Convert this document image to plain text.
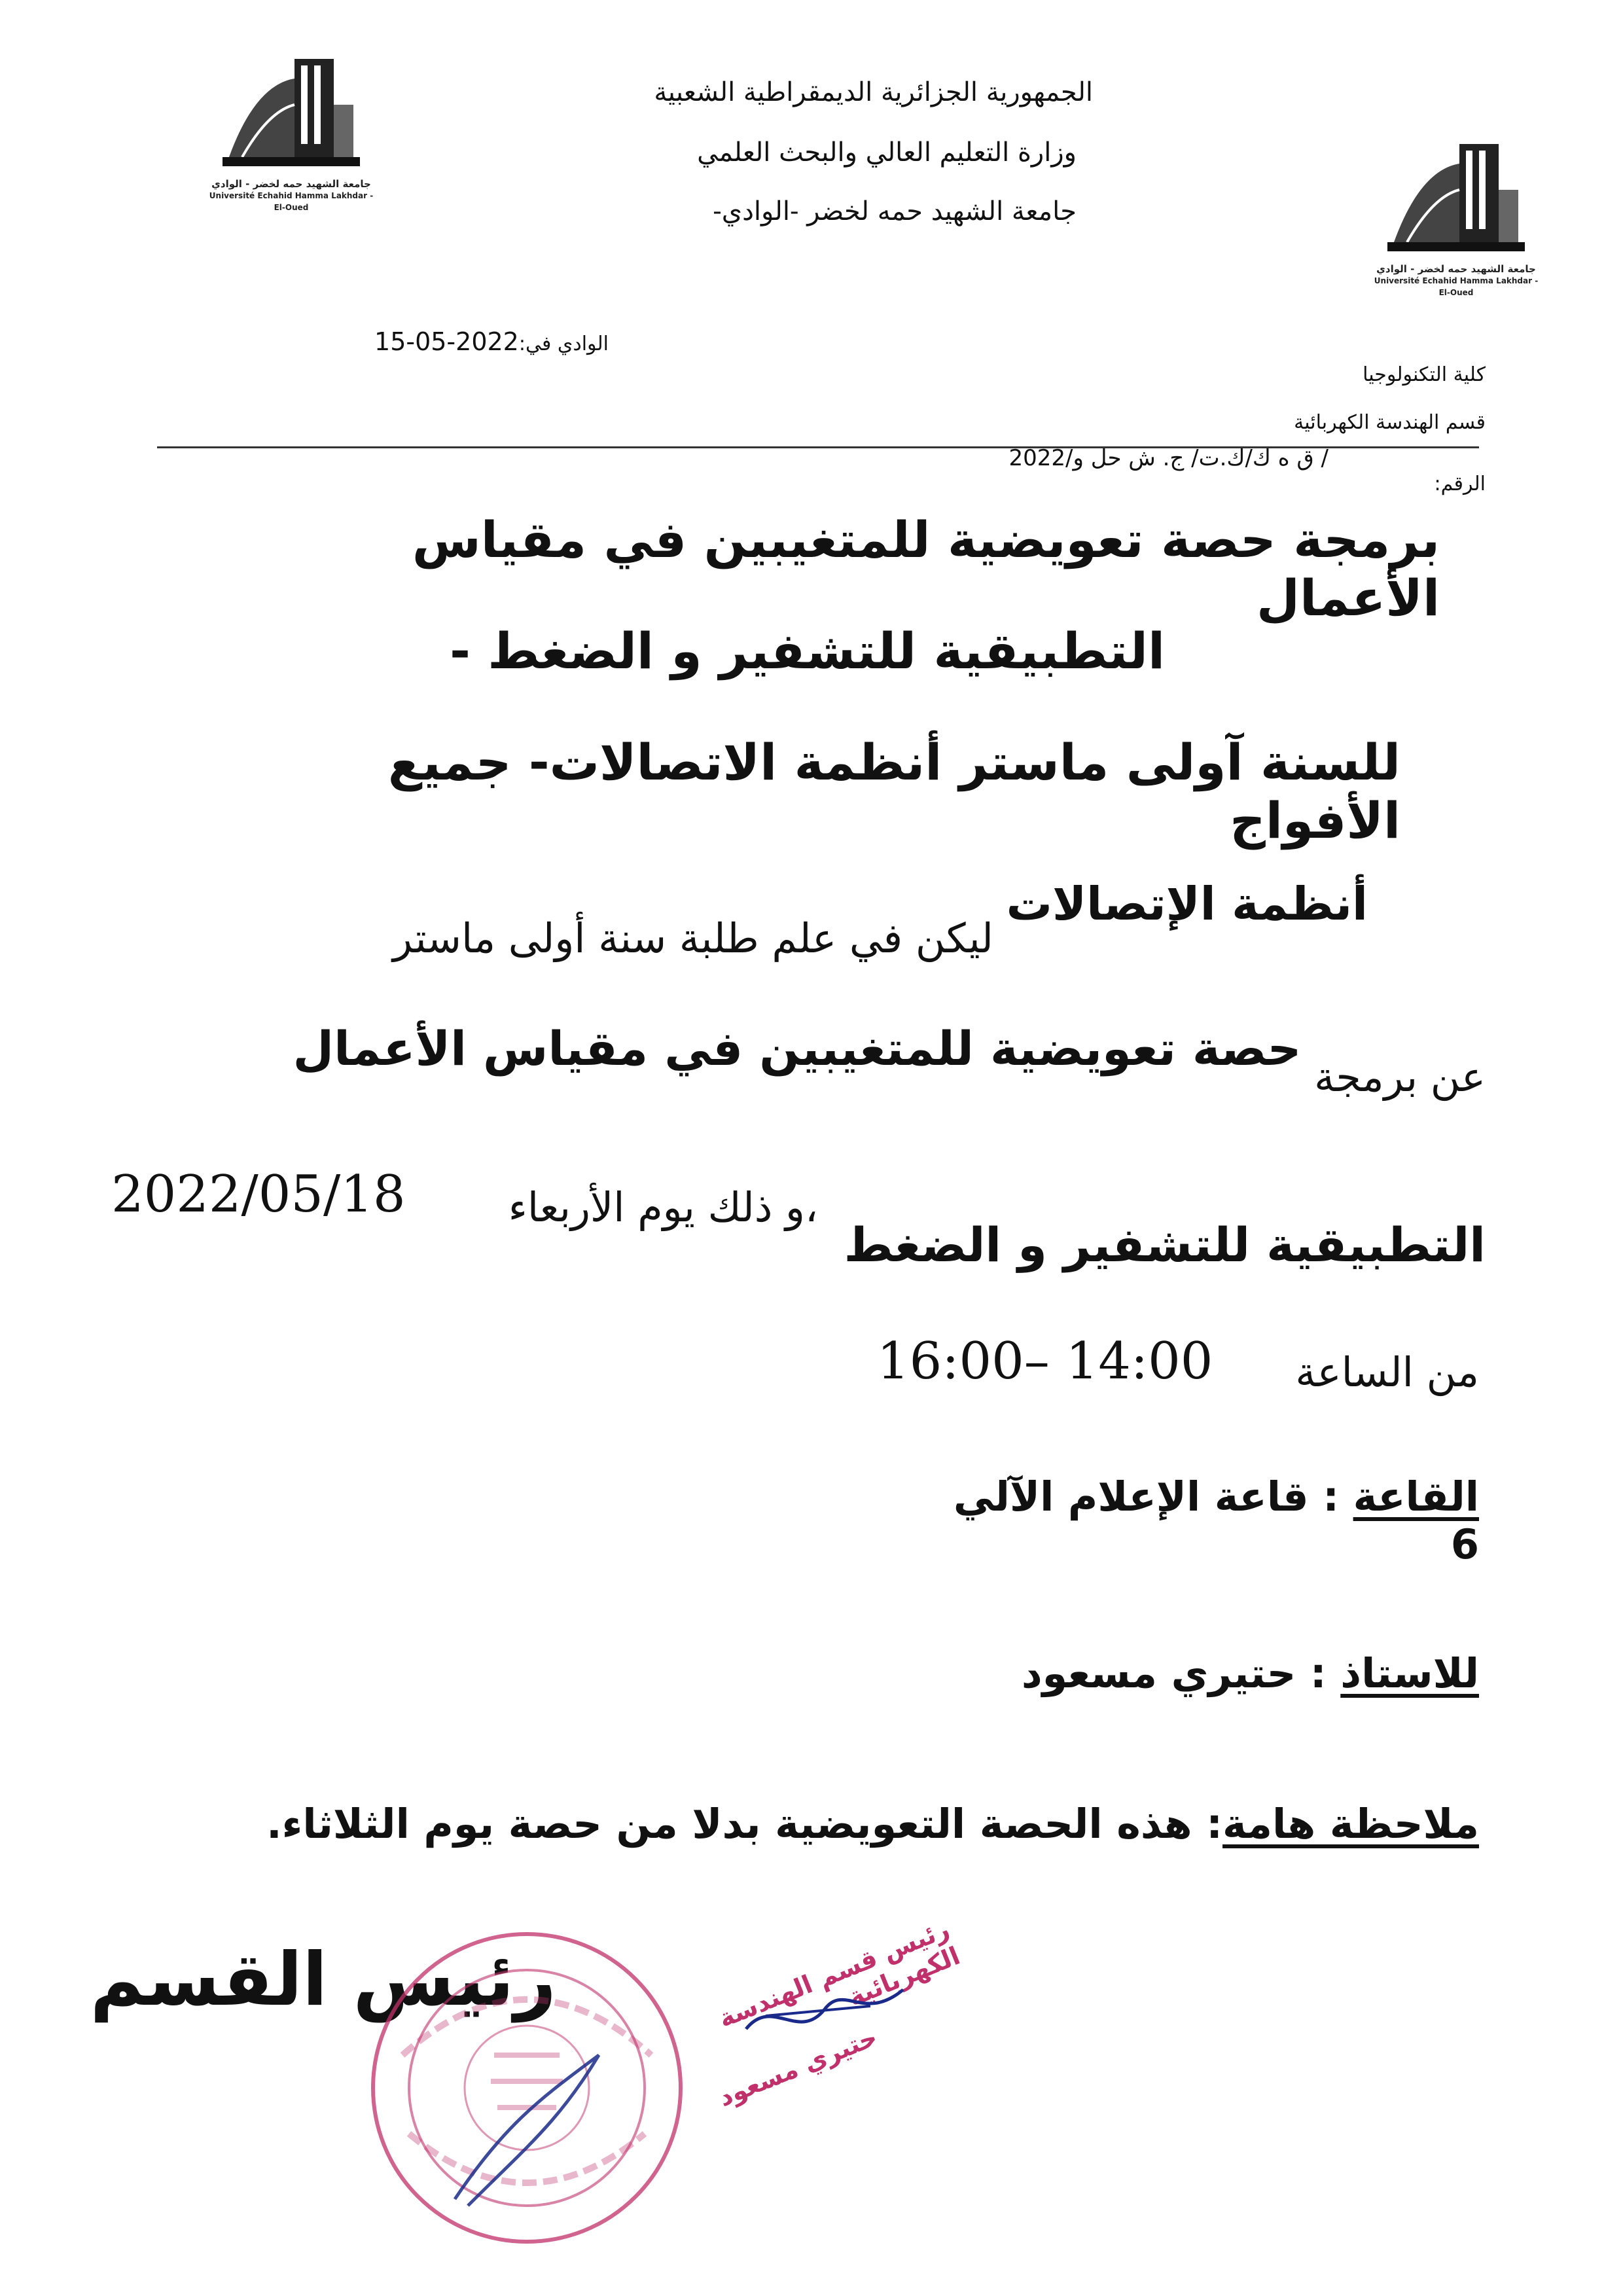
جامعة الشهيد حمه لخضر - الوادي
Université Echahid Hamma Lakhdar - El-Oued
جامعة الشهيد حمه لخضر - الوادي
Université Echahid Hamma Lakhdar - El-Oued
الجمهورية الجزائرية الديمقراطية الشعبية
وزارة التعليم العالي والبحث العلمي
جامعة الشهيد حمه لخضر -الوادي-
الوادي في:15-05-2022
كلية التكنولوجيا
قسم الهندسة الكهربائية
الرقم:
/ ق ه ك/ك.ت/ ج. ش حل و/2022
برمجة حصة تعويضية للمتغيبين في مقياس الأعمال
التطبيقية للتشفير و الضغط -
للسنة آولى ماستر أنظمة الاتصالات- جميع الأفواج
أنظمة الإتصالات ليكن في علم طلبة سنة أولى ماستر
عن برمجة حصة تعويضية للمتغيبين في مقياس الأعمال
2022/05/18	،و ذلك يوم الأربعاء
التطبيقية للتشفير و الضغط
من الساعة
14:00 –16:00
القاعة : قاعة الإعلام الآلي 6
للاستاذ : حتيري مسعود
ملاحظة هامة: هذه الحصة التعويضية بدلا من حصة يوم الثلاثاء.
رئيس القسم	رئيس قسم الهندسة الكهربائية
حتيري مسعود
